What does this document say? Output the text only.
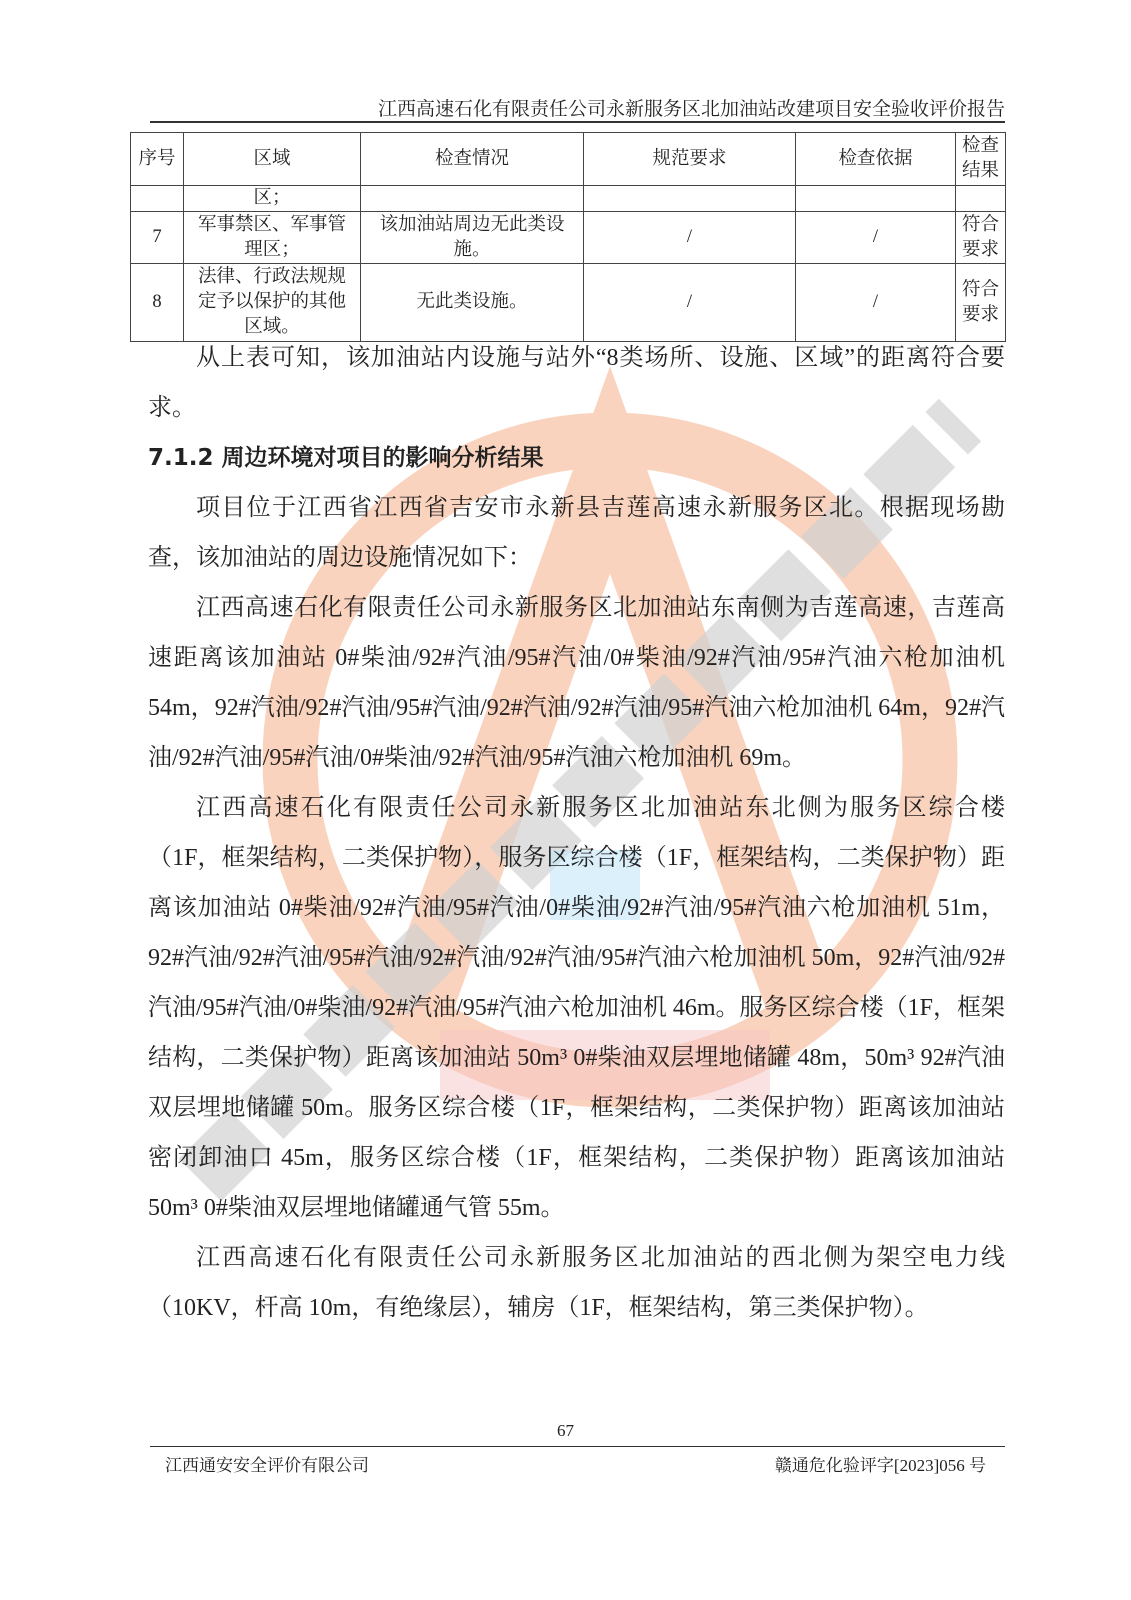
江西高速石化有限责任公司永新服务区北加油站改建项目安全验收评价报告
序号	区域	检查情况	规范要求	检查依据	检查结果
	区；				
7	军事禁区、军事管理区；	该加油站周边无此类设施。	/	/	符合要求
8	法律、行政法规规定予以保护的其他区域。	无此类设施。	/	/	符合要求

从上表可知，该加油站内设施与站外“8类场所、设施、区域”的距离符合要求。

7.1.2 周边环境对项目的影响分析结果

项目位于江西省江西省吉安市永新县吉莲高速永新服务区北。根据现场勘查，该加油站的周边设施情况如下：

江西高速石化有限责任公司永新服务区北加油站东南侧为吉莲高速，吉莲高速距离该加油站 0#柴油/92#汽油/95#汽油/0#柴油/92#汽油/95#汽油六枪加油机 54m，92#汽油/92#汽油/95#汽油/92#汽油/92#汽油/95#汽油六枪加油机 64m，92#汽油/92#汽油/95#汽油/0#柴油/92#汽油/95#汽油六枪加油机 69m。

江西高速石化有限责任公司永新服务区北加油站东北侧为服务区综合楼（1F，框架结构，二类保护物），服务区综合楼（1F，框架结构，二类保护物）距离该加油站 0#柴油/92#汽油/95#汽油/0#柴油/92#汽油/95#汽油六枪加油机 51m，92#汽油/92#汽油/95#汽油/92#汽油/92#汽油/95#汽油六枪加油机 50m，92#汽油/92#汽油/95#汽油/0#柴油/92#汽油/95#汽油六枪加油机 46m。服务区综合楼（1F，框架结构，二类保护物）距离该加油站 50m³ 0#柴油双层埋地储罐 48m，50m³ 92#汽油双层埋地储罐 50m。服务区综合楼（1F，框架结构，二类保护物）距离该加油站密闭卸油口 45m，服务区综合楼（1F，框架结构，二类保护物）距离该加油站 50m³ 0#柴油双层埋地储罐通气管 55m。

江西高速石化有限责任公司永新服务区北加油站的西北侧为架空电力线（10KV，杆高 10m，有绝缘层），辅房（1F，框架结构，第三类保护物）。

67
江西通安安全评价有限公司	赣通危化验评字[2023]056 号
